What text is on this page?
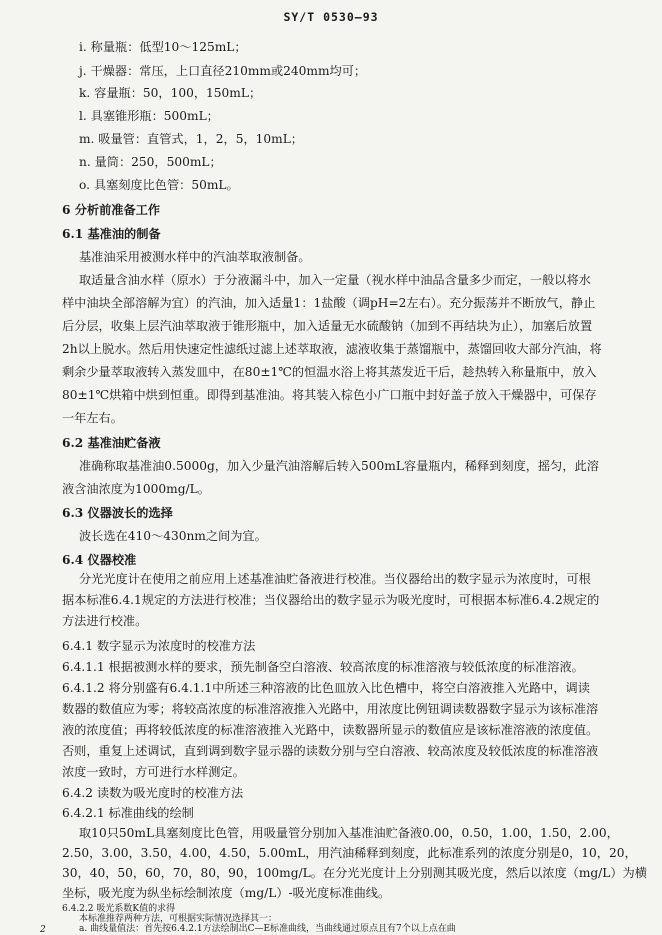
SY/T 0530—93
i. 称量瓶：低型10～125mL；
j. 干燥器：常压，上口直径210mm或240mm均可；
k. 容量瓶：50，100，150mL；
l. 具塞锥形瓶：500mL；
m. 吸量管：直管式，1，2，5，10mL；
n. 量筒：250，500mL；
o. 具塞刻度比色管：50mL。
6 分析前准备工作
6.1 基准油的制备
基准油采用被测水样中的汽油萃取液制备。
取适量含油水样（原水）于分液漏斗中，加入一定量（视水样中油品含量多少而定，一般以将水
样中油块全部溶解为宜）的汽油，加入适量1：1盐酸（调pH=2左右）。充分振荡并不断放气，静止
后分层，收集上层汽油萃取液于锥形瓶中，加入适量无水硫酸钠（加到不再结块为止），加塞后放置
2h以上脱水。然后用快速定性滤纸过滤上述萃取液，滤液收集于蒸馏瓶中，蒸馏回收大部分汽油，将
剩余少量萃取液转入蒸发皿中，在80±1℃的恒温水浴上将其蒸发近干后，趁热转入称量瓶中，放入
80±1℃烘箱中烘到恒重。即得到基准油。将其装入棕色小广口瓶中封好盖子放入干燥器中，可保存
一年左右。
6.2 基准油贮备液
准确称取基准油0.5000g，加入少量汽油溶解后转入500mL容量瓶内，稀释到刻度，摇匀，此溶
液含油浓度为1000mg/L。
6.3 仪器波长的选择
波长选在410～430nm之间为宜。
6.4 仪器校准
分光光度计在使用之前应用上述基准油贮备液进行校准。当仪器给出的数字显示为浓度时，可根
据本标准6.4.1规定的方法进行校准；当仪器给出的数字显示为吸光度时，可根据本标准6.4.2规定的
方法进行校准。
2
6.4.1 数字显示为浓度时的校准方法
6.4.1.1 根据被测水样的要求，预先制备空白溶液、较高浓度的标准溶液与较低浓度的标准溶液。
6.4.1.2 将分别盛有6.4.1.1中所述三种溶液的比色皿放入比色槽中，将空白溶液推入光路中，调读
数器的数值应为零；将较高浓度的标准溶液推入光路中，用浓度比例钮调读数器数字显示为该标准溶
液的浓度值；再将较低浓度的标准溶液推入光路中，读数器所显示的数值应是该标准溶液的浓度值。
否则，重复上述调试，直到调到数字显示器的读数分别与空白溶液、较高浓度及较低浓度的标准溶液
浓度一致时，方可进行水样测定。
6.4.2 读数为吸光度时的校准方法
6.4.2.1 标准曲线的绘制
取10只50mL具塞刻度比色管，用吸量管分别加入基准油贮备液0.00，0.50，1.00，1.50，2.00，
2.50，3.00，3.50，4.00，4.50，5.00mL，用汽油稀释到刻度，此标准系列的浓度分别是0，10，20，
30，40，50，60，70，80，90，100mg/L。在分光光度计上分别测其吸光度，然后以浓度（mg/L）为横
坐标，吸光度为纵坐标绘制浓度（mg/L）-吸光度标准曲线。
6.4.2.2 吸光系数K值的求得
本标准推荐两种方法，可根据实际情况选择其一：
a. 曲线量值法：首先按6.4.2.1方法绘制出C—E标准曲线，当曲线通过原点且有7个以上点在曲
